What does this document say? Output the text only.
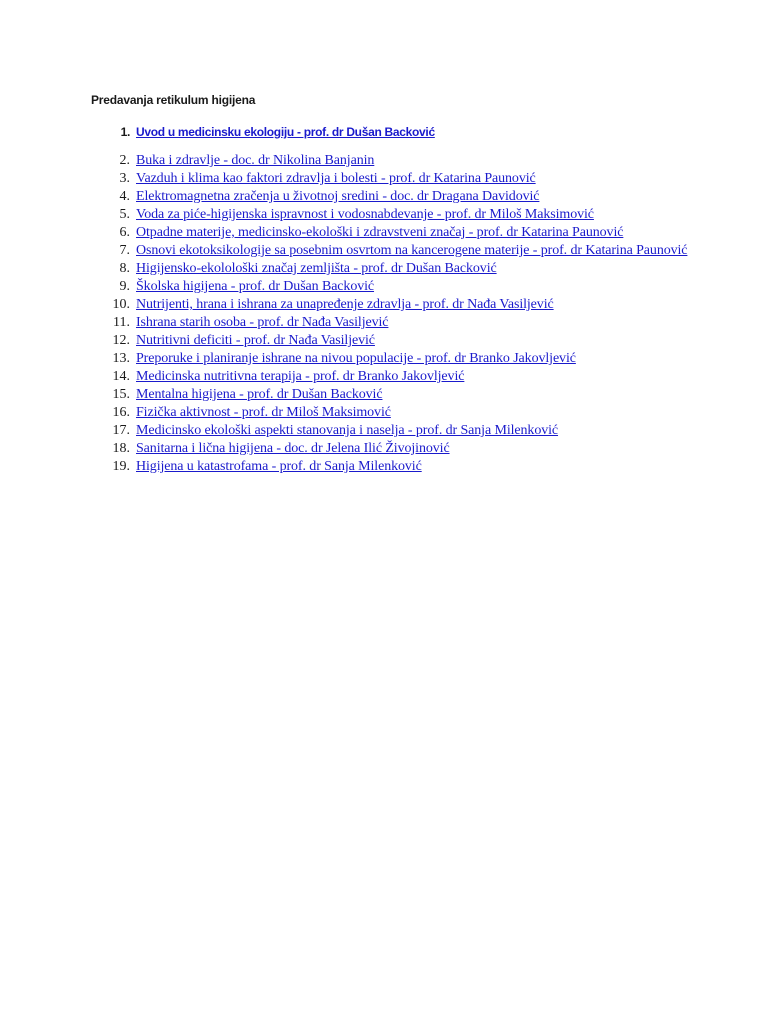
Predavanja retikulum higijena
1. Uvod u medicinsku ekologiju - prof. dr Dušan Backović
2. Buka i zdravlje - doc. dr Nikolina Banjanin
3. Vazduh i klima kao faktori zdravlja i bolesti - prof. dr Katarina Paunović
4. Elektromagnetna zračenja u životnoj sredini - doc. dr Dragana Davidović
5. Voda za piće-higijenska ispravnost i vodosnabdevanje - prof. dr Miloš Maksimović
6. Otpadne materije, medicinsko-ekološki i zdravstveni značaj - prof. dr Katarina Paunović
7. Osnovi ekotoksikologije sa posebnim osvrtom na kancerogene materije - prof. dr Katarina Paunović
8. Higijensko-ekolološki značaj zemljišta - prof. dr Dušan Backović
9. Školska higijena - prof. dr Dušan Backović
10. Nutrijenti, hrana i ishrana za unapređenje zdravlja - prof. dr Nađa Vasiljević
11. Ishrana starih osoba - prof. dr Nađa Vasiljević
12. Nutritivni deficiti - prof. dr Nađa Vasiljević
13. Preporuke i planiranje ishrane na nivou populacije - prof. dr Branko Jakovljević
14. Medicinska nutritivna terapija - prof. dr Branko Jakovljević
15. Mentalna higijena - prof. dr Dušan Backović
16. Fizička aktivnost - prof. dr Miloš Maksimović
17. Medicinsko ekološki aspekti stanovanja i naselja - prof. dr Sanja Milenković
18. Sanitarna i lična higijena - doc. dr Jelena Ilić Živojinović
19. Higijena u katastrofama - prof. dr Sanja Milenković
